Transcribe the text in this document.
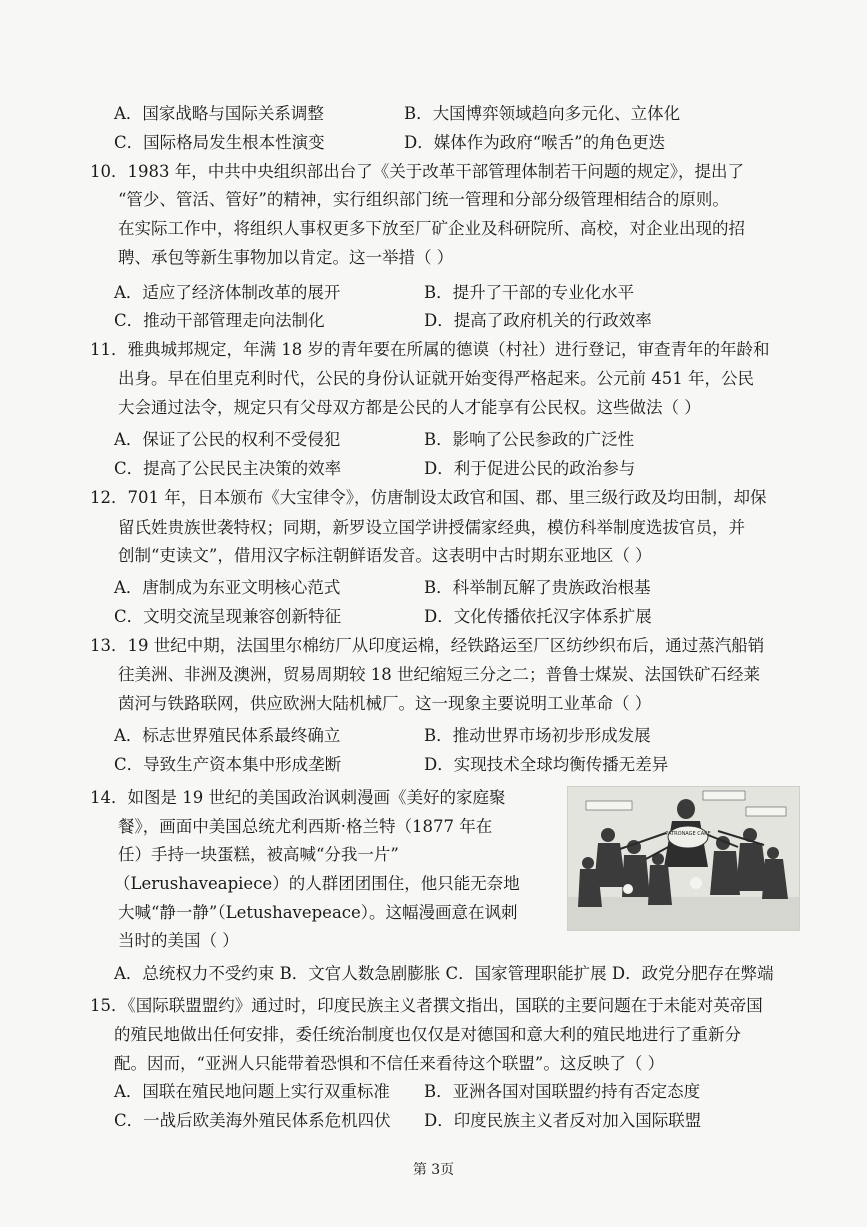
A．国家战略与国际关系调整	B．大国博弈领域趋向多元化、立体化
C．国际格局发生根本性演变	D．媒体作为政府“喉舌”的角色更迭
10．1983 年，中共中央组织部出台了《关于改革干部管理体制若干问题的规定》，提出了
“管少、管活、管好”的精神，实行组织部门统一管理和分部分级管理相结合的原则。
在实际工作中，将组织人事权更多下放至厂矿企业及科研院所、高校，对企业出现的招
聘、承包等新生事物加以肯定。这一举措（ ）
A．适应了经济体制改革的展开	B．提升了干部的专业化水平
C．推动干部管理走向法制化	D．提高了政府机关的行政效率
11．雅典城邦规定，年满 18 岁的青年要在所属的德谟（村社）进行登记，审查青年的年龄和
出身。早在伯里克利时代，公民的身份认证就开始变得严格起来。公元前 451 年，公民
大会通过法令，规定只有父母双方都是公民的人才能享有公民权。这些做法（ ）
A．保证了公民的权利不受侵犯	B．影响了公民参政的广泛性
C．提高了公民民主决策的效率	D．利于促进公民的政治参与
12．701 年，日本颁布《大宝律令》，仿唐制设太政官和国、郡、里三级行政及均田制，却保
留氏姓贵族世袭特权；同期，新罗设立国学讲授儒家经典，模仿科举制度选拔官员，并
创制“吏读文”，借用汉字标注朝鲜语发音。这表明中古时期东亚地区（ ）
A．唐制成为东亚文明核心范式	B．科举制瓦解了贵族政治根基
C．文明交流呈现兼容创新特征	D．文化传播依托汉字体系扩展
13．19 世纪中期，法国里尔棉纺厂从印度运棉，经铁路运至厂区纺纱织布后，通过蒸汽船销
往美洲、非洲及澳洲，贸易周期较 18 世纪缩短三分之二；普鲁士煤炭、法国铁矿石经莱
茵河与铁路联网，供应欧洲大陆机械厂。这一现象主要说明工业革命（ ）
A．标志世界殖民体系最终确立	B．推动世界市场初步形成发展
C．导致生产资本集中形成垄断	D．实现技术全球均衡传播无差异
14．如图是 19 世纪的美国政治讽刺漫画《美好的家庭聚
餐》，画面中美国总统尤利西斯·格兰特（1877 年在
任）手持一块蛋糕，被高喊“分我一片”
（Lerushaveapiece）的人群团团围住，他只能无奈地
大喊“静一静”（Letushavepeace）。这幅漫画意在讽刺
当时的美国（ ）
PATRONAGE CAKE
A．总统权力不受约束 B．文官人数急剧膨胀 C．国家管理职能扩展 D．政党分肥存在弊端
15．《国际联盟盟约》通过时，印度民族主义者撰文指出，国联的主要问题在于未能对英帝国
的殖民地做出任何安排，委任统治制度也仅仅是对德国和意大利的殖民地进行了重新分
配。因而，“亚洲人只能带着恐惧和不信任来看待这个联盟”。这反映了（ ）
A．国联在殖民地问题上实行双重标准 B．亚洲各国对国联盟约持有否定态度
C．一战后欧美海外殖民体系危机四伏 D．印度民族主义者反对加入国际联盟
第 3页
